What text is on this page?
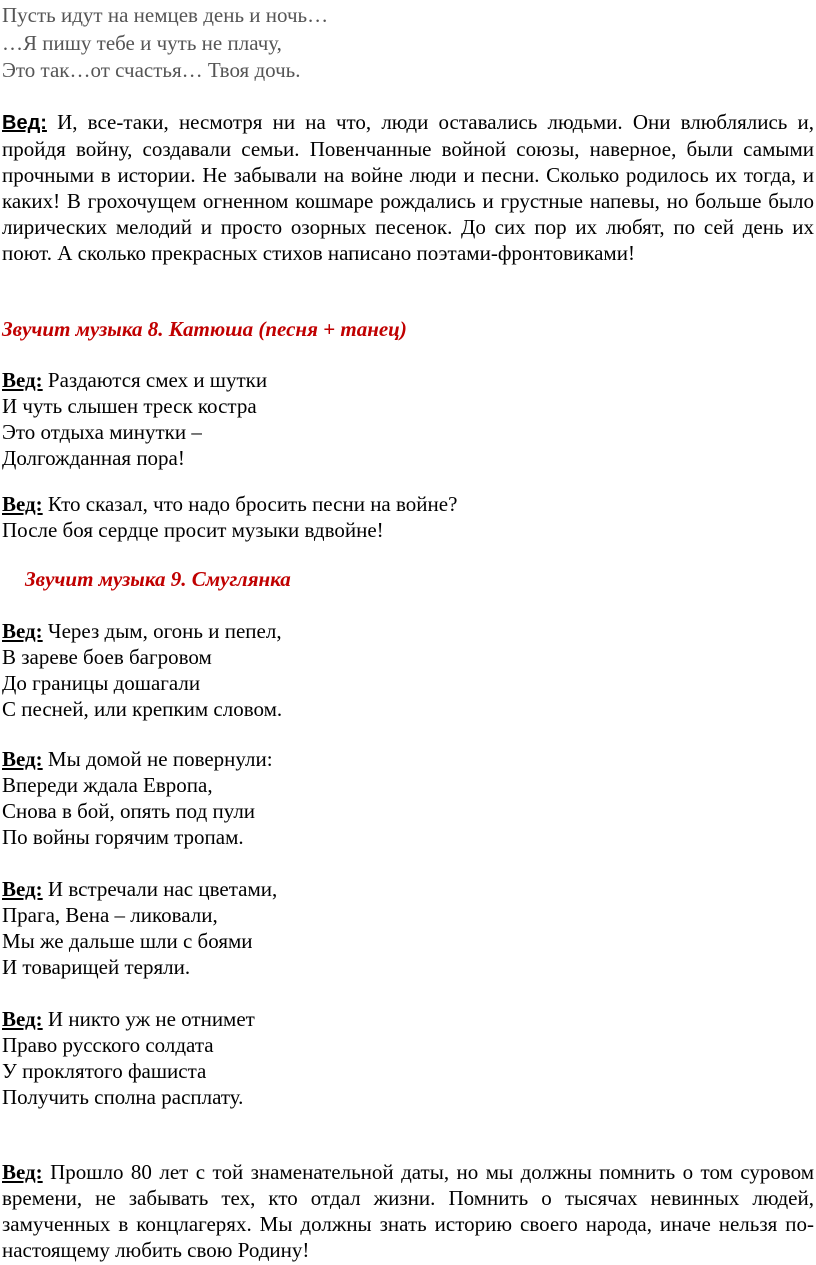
Пусть идут на немцев день и ночь…

…Я пишу тебе и чуть не плачу,

Это так…от счастья… Твоя дочь.

Вед: И, все-таки, несмотря ни на что, люди оставались людьми. Они влюблялись и, пройдя войну, создавали семьи. Повенчанные войной союзы, наверное, были самыми прочными в истории. Не забывали на войне люди и песни. Сколько родилось их тогда, и каких! В грохочущем огненном кошмаре рождались и грустные напевы, но больше было лирических мелодий и просто озорных песенок. До сих пор их любят, по сей день их поют. А сколько прекрасных стихов написано поэтами-фронтовиками!

Звучит музыка 8. Катюша (песня + танец)

Вед: Раздаются смех и шутки

И чуть слышен треск костра

Это отдыха минутки –

Долгожданная пора!

Вед: Кто сказал, что надо бросить песни на войне?

После боя сердце просит музыки вдвойне!

Звучит музыка 9. Смуглянка

Вед: Через дым, огонь и пепел,

В зареве боев багровом

До границы дошагали

С песней, или крепким словом.

Вед: Мы домой не повернули:

Впереди ждала Европа,

Снова в бой, опять под пули

По войны горячим тропам.

Вед: И встречали нас цветами,

Прага, Вена – ликовали,

Мы же дальше шли с боями

И товарищей теряли.

Вед: И никто уж не отнимет

Право русского солдата

У проклятого фашиста

Получить сполна расплату.

Вед: Прошло 80 лет с той знаменательной даты, но мы должны помнить о том суровом времени, не забывать тех, кто отдал жизни. Помнить о тысячах невинных людей, замученных в концлагерях. Мы должны знать историю своего народа, иначе нельзя по-настоящему любить свою Родину!
